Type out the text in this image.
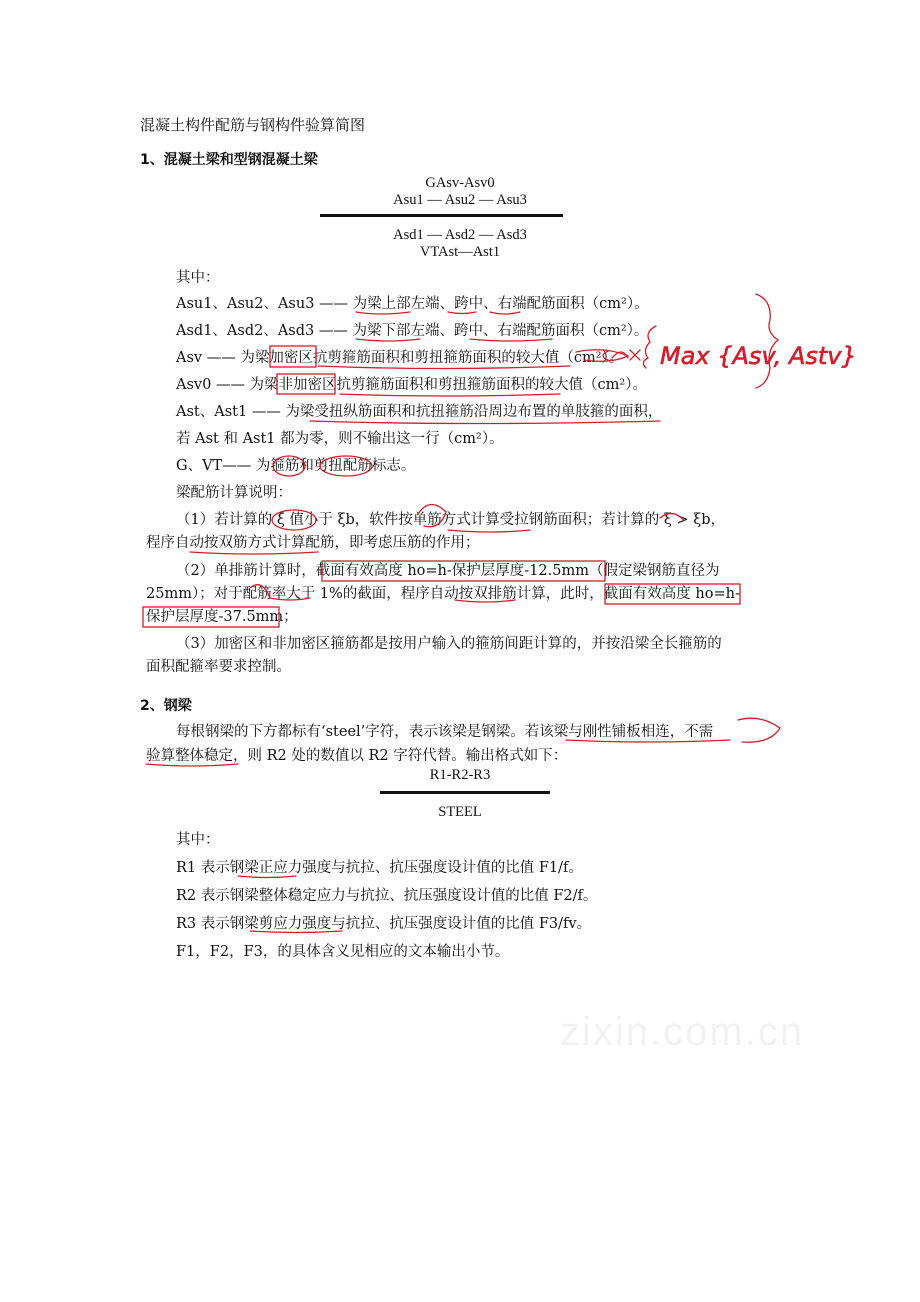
zixin.com.cn
混凝土构件配筋与钢构件验算简图
1、混凝土梁和型钢混凝土梁
GAsv-Asv0
Asu1 — Asu2 — Asu3
Asd1 — Asd2 — Asd3
VTAst—Ast1
其中：
Asu1、Asu2、Asu3 —— 为梁上部左端、跨中、右端配筋面积（cm²）。
Asd1、Asd2、Asd3 —— 为梁下部左端、跨中、右端配筋面积（cm²）。
Asv —— 为梁加密区抗剪箍筋面积和剪扭箍筋面积的较大值（cm²）。
Asv0 —— 为梁非加密区抗剪箍筋面积和剪扭箍筋面积的较大值（cm²）。
Ast、Ast1 —— 为梁受扭纵筋面积和抗扭箍筋沿周边布置的单肢箍的面积，
若 Ast 和 Ast1 都为零，则不输出这一行（cm²）。
G、VT—— 为箍筋和剪扭配筋标志。
梁配筋计算说明：
（1）若计算的 ξ 值小于 ξb，软件按单筋方式计算受拉钢筋面积；若计算的 ξ > ξb，
程序自动按双筋方式计算配筋，即考虑压筋的作用；
（2）单排筋计算时，截面有效高度 ho=h-保护层厚度-12.5mm（假定梁钢筋直径为
25mm）；对于配筋率大于 1%的截面，程序自动按双排筋计算，此时，截面有效高度 ho=h-
保护层厚度-37.5mm；
（3）加密区和非加密区箍筋都是按用户输入的箍筋间距计算的，并按沿梁全长箍筋的
面积配箍率要求控制。
2、钢梁
每根钢梁的下方都标有‘steel’字符，表示该梁是钢梁。若该梁与刚性铺板相连，不需
验算整体稳定，则 R2 处的数值以 R2 字符代替。输出格式如下：
R1-R2-R3
STEEL
其中：
R1 表示钢梁正应力强度与抗拉、抗压强度设计值的比值 F1/f。
R2 表示钢梁整体稳定应力与抗拉、抗压强度设计值的比值 F2/f。
R3 表示钢梁剪应力强度与抗拉、抗压强度设计值的比值 F3/fv。
F1，F2，F3，的具体含义见相应的文本输出小节。
Max {Asv, Astv}
